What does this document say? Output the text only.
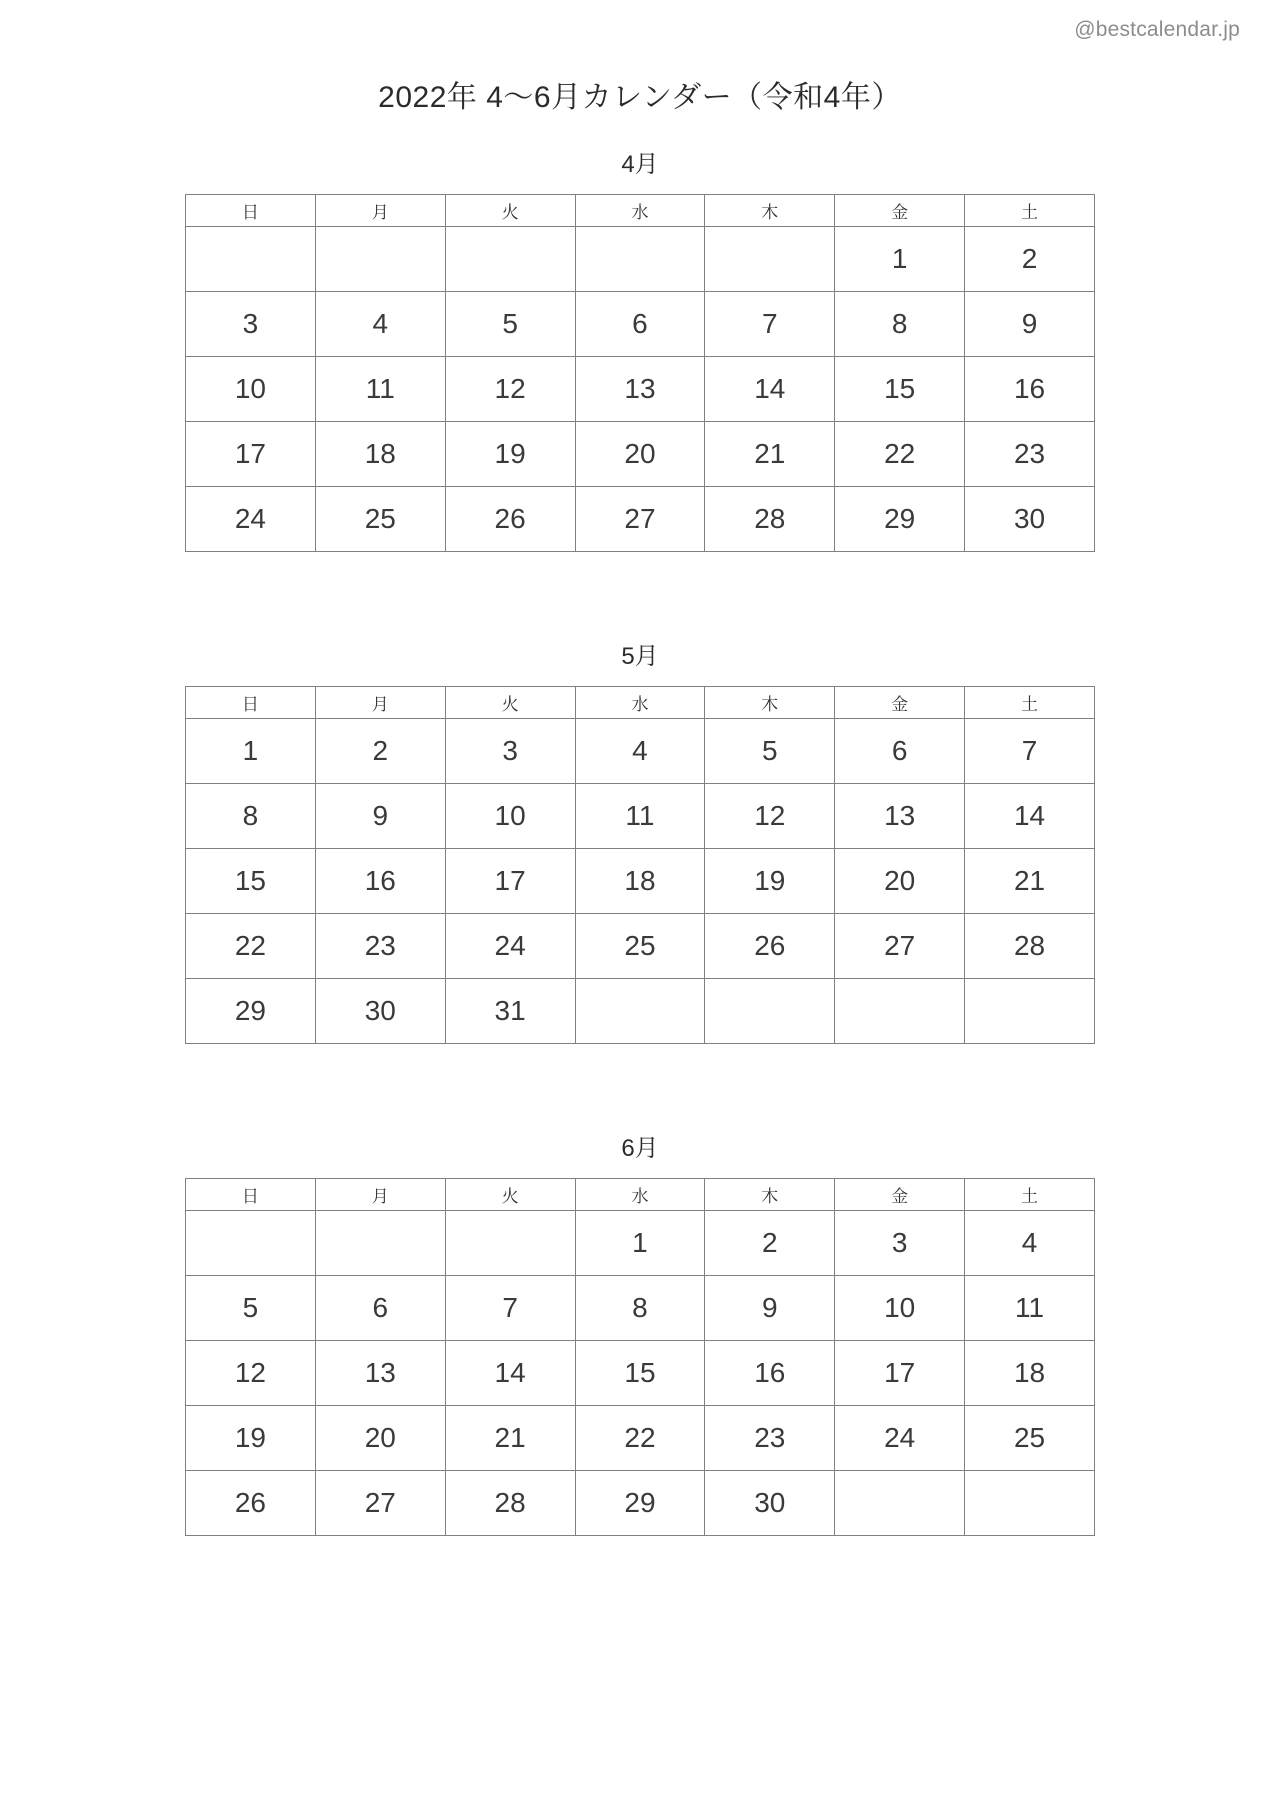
@bestcalendar.jp
2022年 4〜6月カレンダー（令和4年）
4月
日	月	火	水	木	金	土
					1	2
3	4	5	6	7	8	9
10	11	12	13	14	15	16
17	18	19	20	21	22	23
24	25	26	27	28	29	30
5月
日	月	火	水	木	金	土
1	2	3	4	5	6	7
8	9	10	11	12	13	14
15	16	17	18	19	20	21
22	23	24	25	26	27	28
29	30	31				
6月
日	月	火	水	木	金	土
			1	2	3	4
5	6	7	8	9	10	11
12	13	14	15	16	17	18
19	20	21	22	23	24	25
26	27	28	29	30		
